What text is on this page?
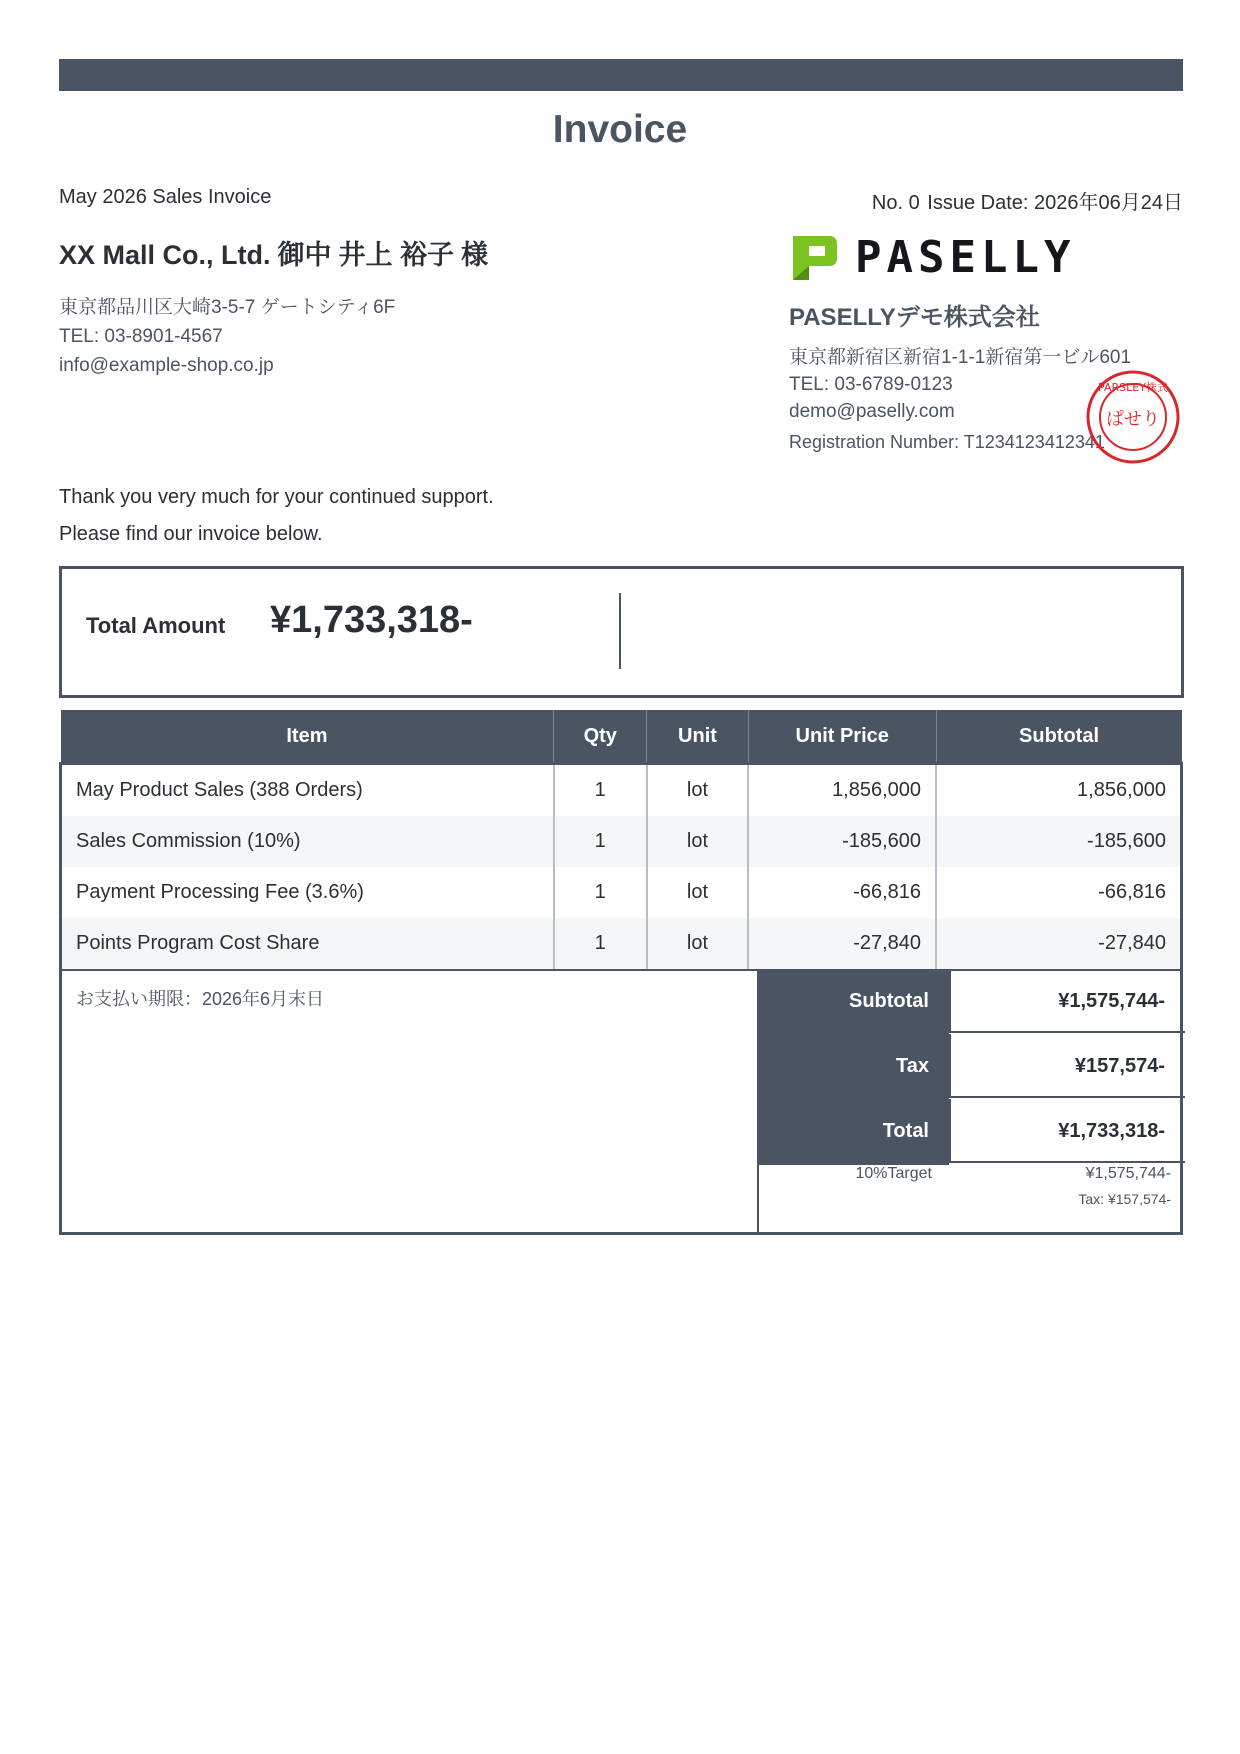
Invoice
May 2026 Sales Invoice	No. 0 Issue Date: 2026年06月24日
XX Mall Co., Ltd. 御中 井上 裕子 様
東京都品川区大崎3-5-7 ゲートシティ6F
TEL: 03-8901-4567
info@example-shop.co.jp
Thank you very much for your continued support.
Please find our invoice below.
PASELLY
PASELLYデモ株式会社
東京都新宿区新宿1-1-1新宿第一ビル601
TEL: 03-6789-0123
demo@paselly.com
Registration Number: T1234123412341
PARSLEY株式
ぱせり
Total Amount ¥1,733,318-
Item	Qty	Unit	Unit Price	Subtotal
May Product Sales (388 Orders)	1	lot	1,856,000	1,856,000
Sales Commission (10%)	1	lot	-185,600	-185,600
Payment Processing Fee (3.6%)	1	lot	-66,816	-66,816
Points Program Cost Share	1	lot	-27,840	-27,840
お支払い期限：2026年6月末日	Subtotal	¥1,575,744-
Tax	¥157,574-
Total	¥1,733,318-
10%Target	¥1,575,744-
Tax: ¥157,574-
